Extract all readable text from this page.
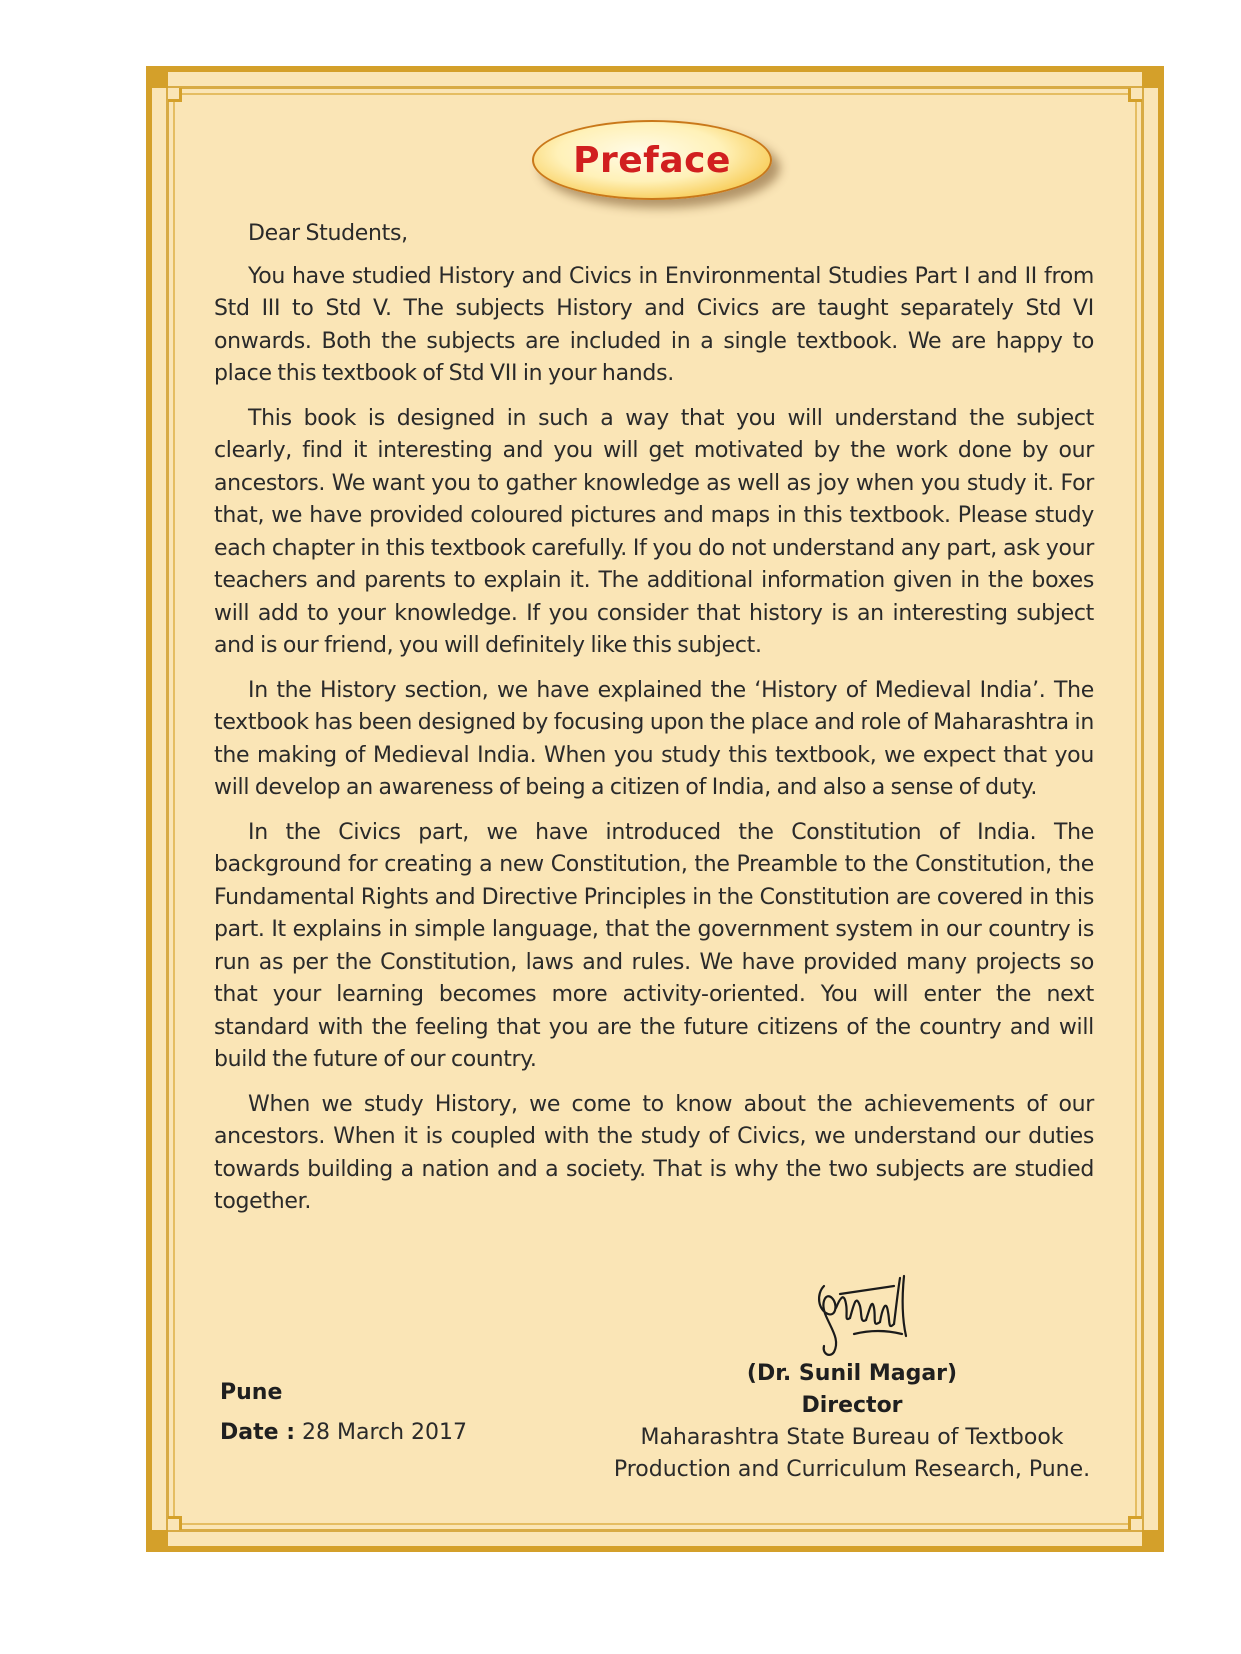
Preface

Dear Students,

You have studied History and Civics in Environmental Studies Part I and II from Std III to Std V. The subjects History and Civics are taught separately Std VI onwards. Both the subjects are included in a single textbook. We are happy to place this textbook of Std VII in your hands.

This book is designed in such a way that you will understand the subject clearly, find it interesting and you will get motivated by the work done by our ancestors. We want you to gather knowledge as well as joy when you study it. For that, we have provided coloured pictures and maps in this textbook. Please study each chapter in this textbook carefully. If you do not understand any part, ask your teachers and parents to explain it. The additional information given in the boxes will add to your knowledge. If you consider that history is an interesting subject and is our friend, you will definitely like this subject.

In the History section, we have explained the ‘History of Medieval India’. The textbook has been designed by focusing upon the place and role of Maharashtra in the making of Medieval India. When you study this textbook, we expect that you will develop an awareness of being a citizen of India, and also a sense of duty.

In the Civics part, we have introduced the Constitution of India. The background for creating a new Constitution, the Preamble to the Constitution, the Fundamental Rights and Directive Principles in the Constitution are covered in this part. It explains in simple language, that the government system in our country is run as per the Constitution, laws and rules. We have provided many projects so that your learning becomes more activity-oriented. You will enter the next standard with the feeling that you are the future citizens of the country and will build the future of our country.

When we study History, we come to know about the achievements of our ancestors. When it is coupled with the study of Civics, we understand our duties towards building a nation and a society. That is why the two subjects are studied together.

Pune
Date : 28 March 2017
(Dr. Sunil Magar)
Director
Maharashtra State Bureau of Textbook
Production and Curriculum Research, Pune.
